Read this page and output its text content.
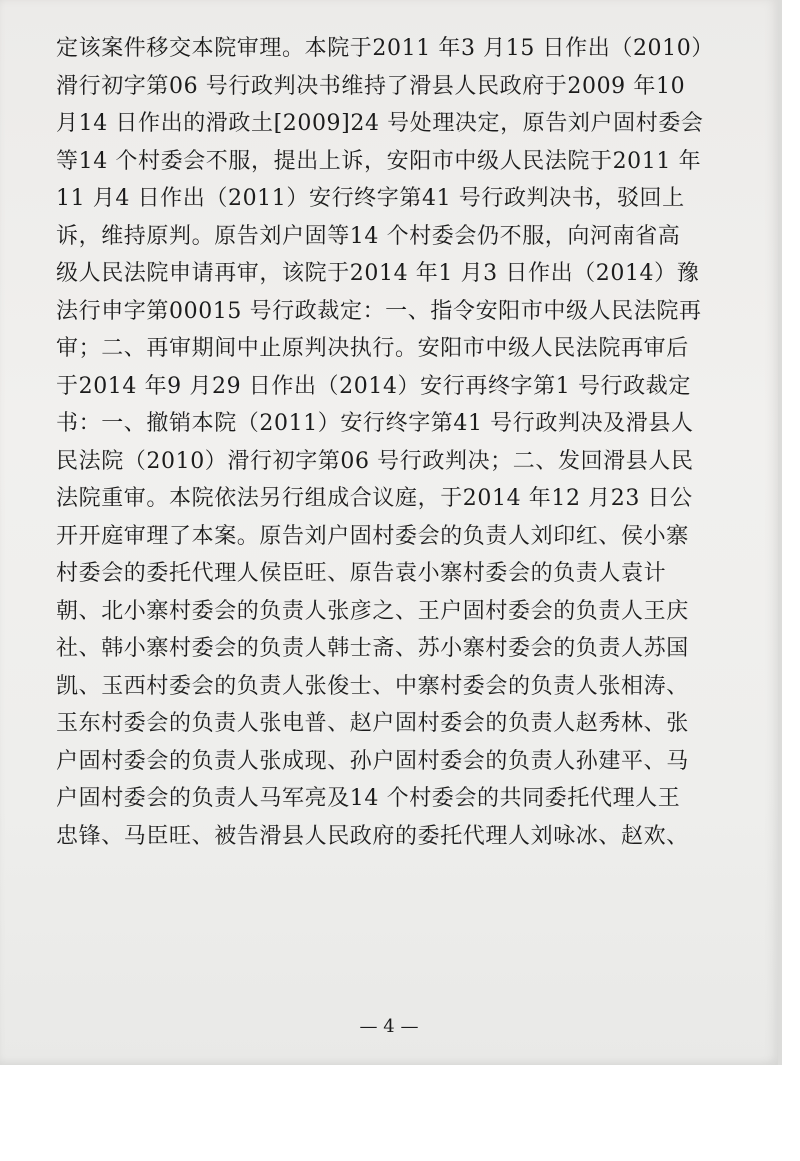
定该案件移交本院审理。本院于2011 年3 月15 日作出（2010）
滑行初字第06 号行政判决书维持了滑县人民政府于2009 年10
月14 日作出的滑政土[2009]24 号处理决定，原告刘户固村委会
等14 个村委会不服，提出上诉，安阳市中级人民法院于2011 年
11 月4 日作出（2011）安行终字第41 号行政判决书，驳回上
诉，维持原判。原告刘户固等14 个村委会仍不服，向河南省高
级人民法院申请再审，该院于2014 年1 月3 日作出（2014）豫
法行申字第00015 号行政裁定：一、指令安阳市中级人民法院再
审；二、再审期间中止原判决执行。安阳市中级人民法院再审后
于2014 年9 月29 日作出（2014）安行再终字第1 号行政裁定
书：一、撤销本院（2011）安行终字第41 号行政判决及滑县人
民法院（2010）滑行初字第06 号行政判决；二、发回滑县人民
法院重审。本院依法另行组成合议庭，于2014 年12 月23 日公
开开庭审理了本案。原告刘户固村委会的负责人刘印红、侯小寨
村委会的委托代理人侯臣旺、原告袁小寨村委会的负责人袁计
朝、北小寨村委会的负责人张彦之、王户固村委会的负责人王庆
社、韩小寨村委会的负责人韩士斋、苏小寨村委会的负责人苏国
凯、玉西村委会的负责人张俊士、中寨村委会的负责人张相涛、
玉东村委会的负责人张电普、赵户固村委会的负责人赵秀林、张
户固村委会的负责人张成现、孙户固村委会的负责人孙建平、马
户固村委会的负责人马军亮及14 个村委会的共同委托代理人王
忠锋、马臣旺、被告滑县人民政府的委托代理人刘咏冰、赵欢、
— 4 —
